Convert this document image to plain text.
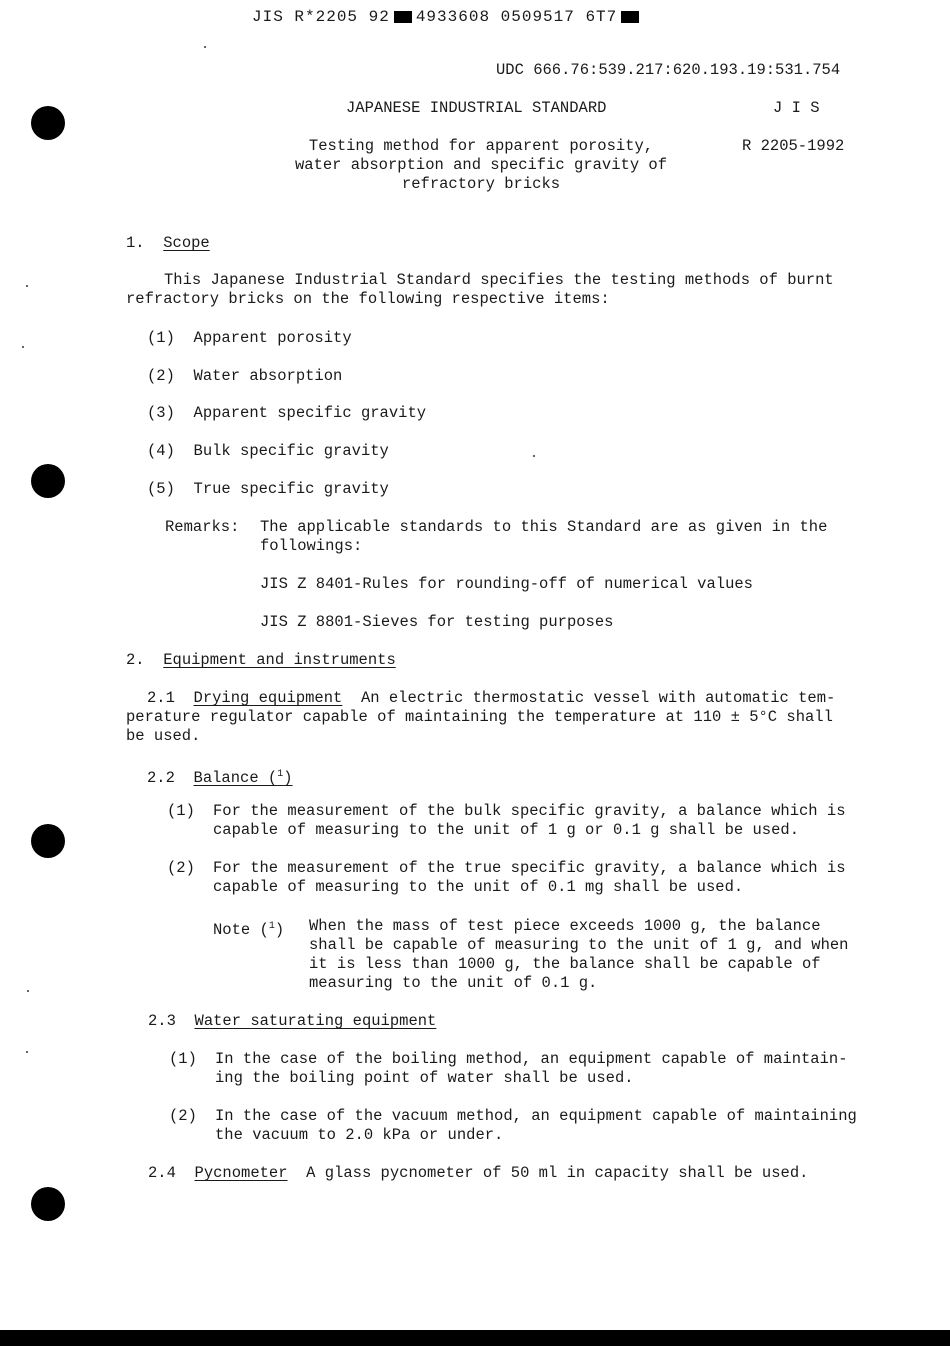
JIS R*2205 92 4933608 0509517 6T7
UDC 666.76:539.217:620.193.19:531.754
JAPANESE INDUSTRIAL STANDARD	J I S
R 2205-1992
Testing method for apparent porosity,
water absorption and specific gravity of
refractory bricks
1. Scope
This Japanese Industrial Standard specifies the testing methods of burnt
refractory bricks on the following respective items:
(1) Apparent porosity
(2) Water absorption
(3) Apparent specific gravity
(4) Bulk specific gravity
(5) True specific gravity
Remarks: The applicable standards to this Standard are as given in the
followings:
JIS Z 8401-Rules for rounding-off of numerical values
JIS Z 8801-Sieves for testing purposes
2. Equipment and instruments
2.1 Drying equipment An electric thermostatic vessel with automatic tem-
perature regulator capable of maintaining the temperature at 110 ± 5°C shall
be used.
2.2 Balance ($^1$)
(1) For the measurement of the bulk specific gravity, a balance which is
capable of measuring to the unit of 1 g or 0.1 g shall be used.
(2) For the measurement of the true specific gravity, a balance which is
capable of measuring to the unit of 0.1 mg shall be used.
Note ($^1$) When the mass of test piece exceeds 1000 g, the balance
shall be capable of measuring to the unit of 1 g, and when
it is less than 1000 g, the balance shall be capable of
measuring to the unit of 0.1 g.
2.3 Water saturating equipment
(1) In the case of the boiling method, an equipment capable of maintain-
ing the boiling point of water shall be used.
(2) In the case of the vacuum method, an equipment capable of maintaining
the vacuum to 2.0 kPa or under.
2.4 Pycnometer A glass pycnometer of 50 ml in capacity shall be used.
